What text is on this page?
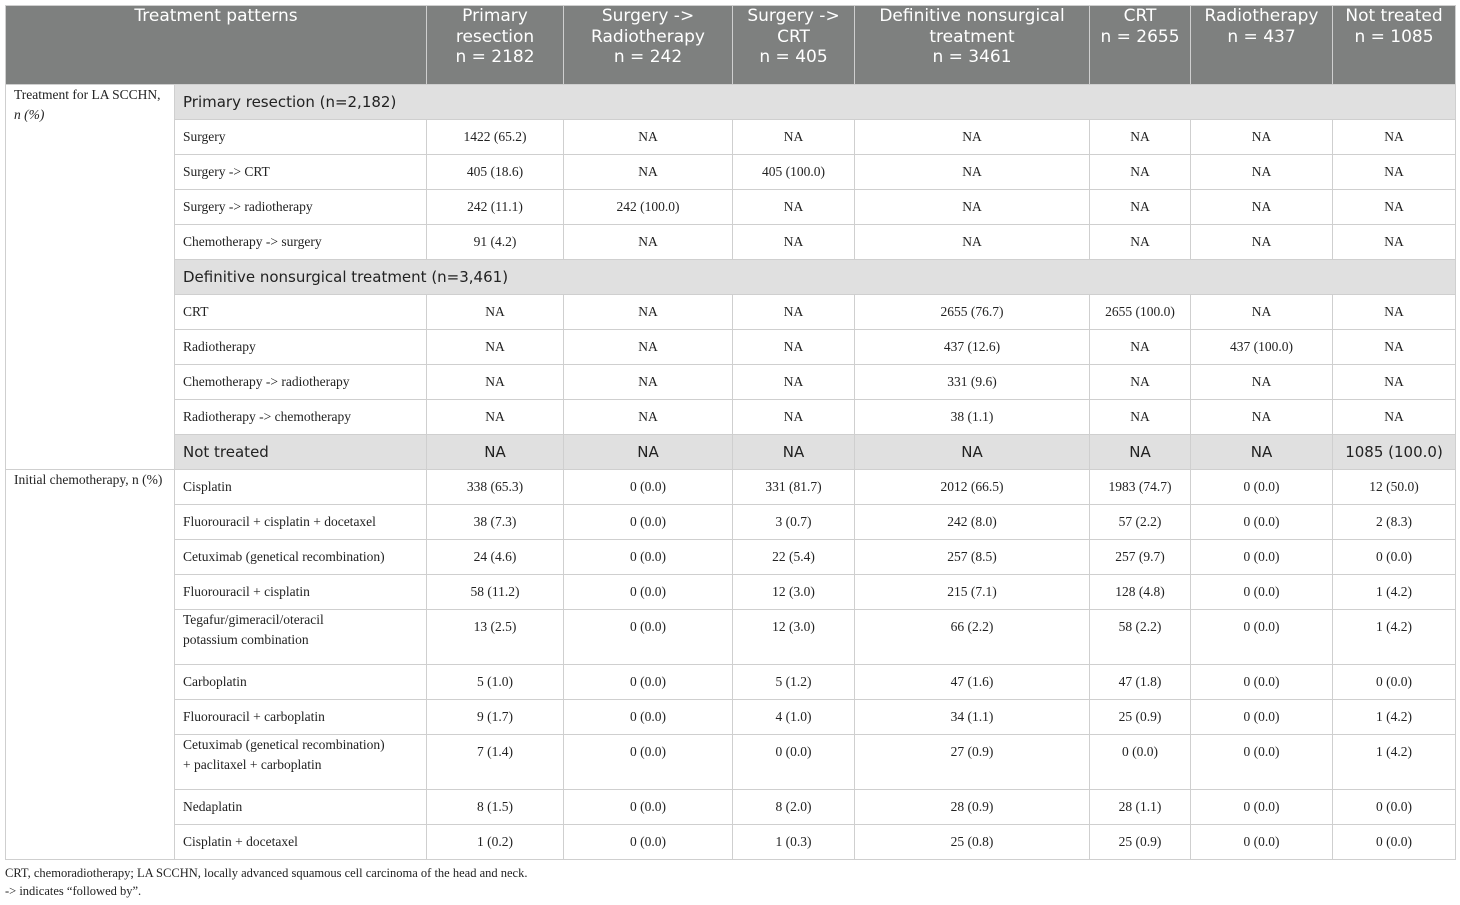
Treatment patterns		Primary
resection
n = 2182	Surgery ->
Radiotherapy
n = 242	Surgery ->
CRT
n = 405	Definitive nonsurgical
treatment
n = 3461	CRT
n = 2655	Radiotherapy
n = 437	Not treated
n = 1085

Treatment for LA SCCHN, n (%)	Primary resection (n=2,182)							
	Surgery	1422 (65.2)	NA	NA	NA	NA	NA	NA
	Surgery -> CRT	405 (18.6)	NA	405 (100.0)	NA	NA	NA	NA
	Surgery -> radiotherapy	242 (11.1)	242 (100.0)	NA	NA	NA	NA	NA
	Chemotherapy -> surgery	91 (4.2)	NA	NA	NA	NA	NA	NA
	Definitive nonsurgical treatment (n=3,461)							
	CRT	NA	NA	NA	2655 (76.7)	2655 (100.0)	NA	NA
	Radiotherapy	NA	NA	NA	437 (12.6)	NA	437 (100.0)	NA
	Chemotherapy -> radiotherapy	NA	NA	NA	331 (9.6)	NA	NA	NA
	Radiotherapy -> chemotherapy	NA	NA	NA	38 (1.1)	NA	NA	NA
	Not treated	NA	NA	NA	NA	NA	NA	1085 (100.0)
Initial chemotherapy, n (%)	Cisplatin	338 (65.3)	0 (0.0)	331 (81.7)	2012 (66.5)	1983 (74.7)	0 (0.0)	12 (50.0)
	Fluorouracil + cisplatin + docetaxel	38 (7.3)	0 (0.0)	3 (0.7)	242 (8.0)	57 (2.2)	0 (0.0)	2 (8.3)
	Cetuximab (genetical recombination)	24 (4.6)	0 (0.0)	22 (5.4)	257 (8.5)	257 (9.7)	0 (0.0)	0 (0.0)
	Fluorouracil + cisplatin	58 (11.2)	0 (0.0)	12 (3.0)	215 (7.1)	128 (4.8)	0 (0.0)	1 (4.2)
	Tegafur/gimeracil/oteracil
potassium combination	13 (2.5)	0 (0.0)	12 (3.0)	66 (2.2)	58 (2.2)	0 (0.0)	1 (4.2)
	Carboplatin	5 (1.0)	0 (0.0)	5 (1.2)	47 (1.6)	47 (1.8)	0 (0.0)	0 (0.0)
	Fluorouracil + carboplatin	9 (1.7)	0 (0.0)	4 (1.0)	34 (1.1)	25 (0.9)	0 (0.0)	1 (4.2)
	Cetuximab (genetical recombination)
+ paclitaxel + carboplatin	7 (1.4)	0 (0.0)	0 (0.0)	27 (0.9)	0 (0.0)	0 (0.0)	1 (4.2)
	Nedaplatin	8 (1.5)	0 (0.0)	8 (2.0)	28 (0.9)	28 (1.1)	0 (0.0)	0 (0.0)
	Cisplatin + docetaxel	1 (0.2)	0 (0.0)	1 (0.3)	25 (0.8)	25 (0.9)	0 (0.0)	0 (0.0)
CRT, chemoradiotherapy; LA SCCHN, locally advanced squamous cell carcinoma of the head and neck.
-> indicates “followed by”.
